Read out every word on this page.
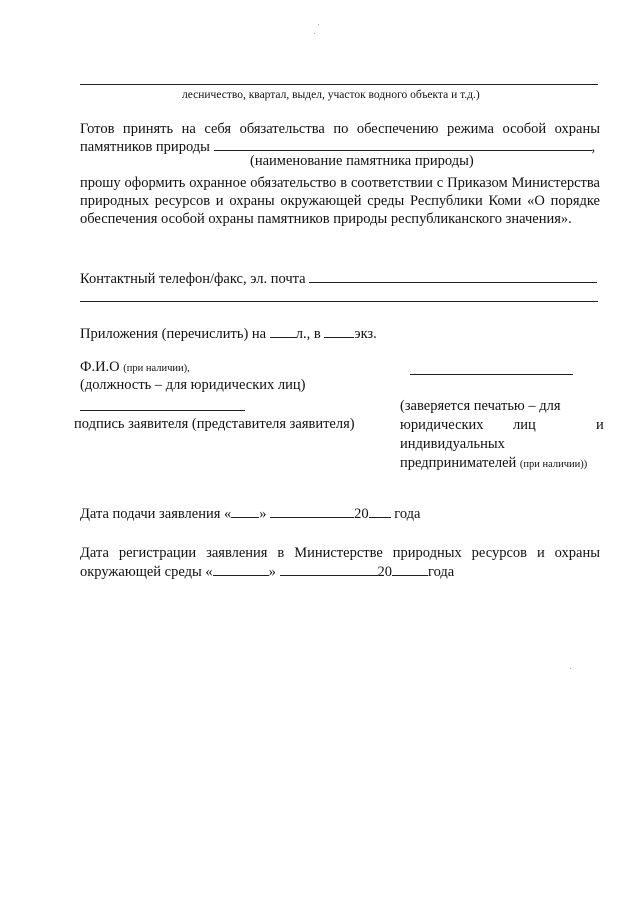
лесничество, квартал, выдел, участок водного объекта и т.д.)
Готов принять на себя обязательства по обеспечению режима особой охраны
памятников природы	,
(наименование памятника природы)
прошу оформить охранное обязательство в соответствии с Приказом Министерства
природных ресурсов и охраны окружающей среды Республики Коми «О порядке
обеспечения особой охраны памятников природы республиканского значения».
Контактный телефон/факс, эл. почта
Приложения (перечислить) на л., в экз.
Ф.И.О (при наличии),
(должность – для юридических лиц)
подпись заявителя (представителя заявителя)
(заверяется печатью – для
юридических лиц	и
индивидуальных
предпринимателей (при наличии))
Дата подачи заявления « »	20 года
Дата регистрации заявления в Министерстве природных ресурсов и охраны
окружающей среды «	»	20 года
